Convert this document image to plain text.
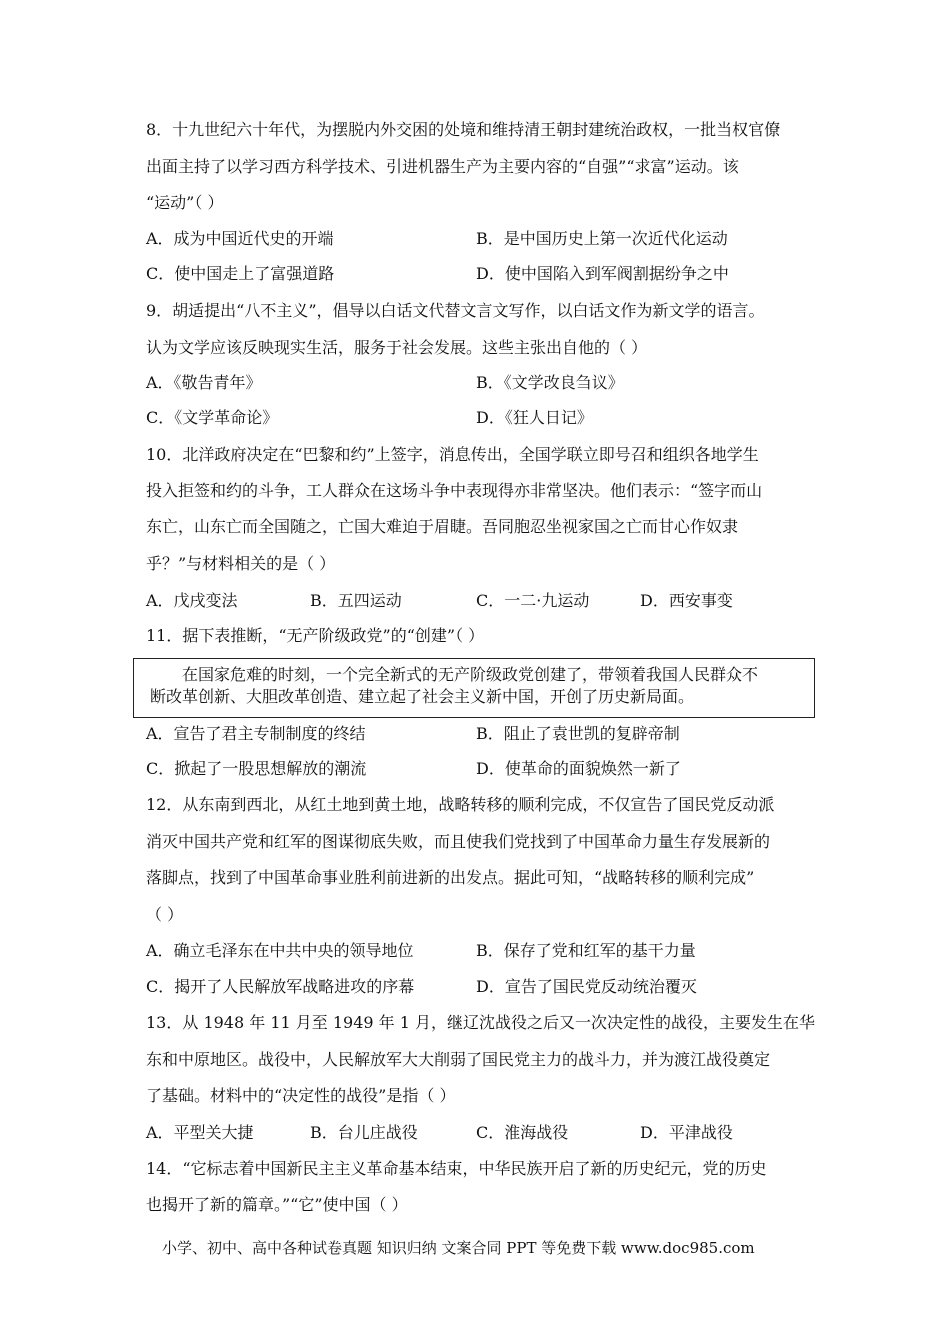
8．十九世纪六十年代，为摆脱内外交困的处境和维持清王朝封建统治政权，一批当权官僚
出面主持了以学习西方科学技术、引进机器生产为主要内容的“自强”“求富”运动。该
“运动”（ ）
A．成为中国近代史的开端	B．是中国历史上第一次近代化运动
C．使中国走上了富强道路	D．使中国陷入到军阀割据纷争之中
9．胡适提出“八不主义”，倡导以白话文代替文言文写作，以白话文作为新文学的语言。
认为文学应该反映现实生活，服务于社会发展。这些主张出自他的（ ）
A．《敬告青年》	B．《文学改良刍议》
C．《文学革命论》	D．《狂人日记》
10．北洋政府决定在“巴黎和约”上签字，消息传出，全国学联立即号召和组织各地学生
投入拒签和约的斗争，工人群众在这场斗争中表现得亦非常坚决。他们表示：“签字而山
东亡，山东亡而全国随之，亡国大难迫于眉睫。吾同胞忍坐视家国之亡而甘心作奴隶
乎？”与材料相关的是（ ）
A．戊戌变法	B．五四运动	C．一二·九运动	D．西安事变
11．据下表推断，“无产阶级政党”的“创建”（ ）
在国家危难的时刻，一个完全新式的无产阶级政党创建了，带领着我国人民群众不
断改革创新、大胆改革创造、建立起了社会主义新中国，开创了历史新局面。
A．宣告了君主专制制度的终结	B．阻止了袁世凯的复辟帝制
C．掀起了一股思想解放的潮流	D．使革命的面貌焕然一新了
12．从东南到西北，从红土地到黄土地，战略转移的顺利完成，不仅宣告了国民党反动派
消灭中国共产党和红军的图谋彻底失败，而且使我们党找到了中国革命力量生存发展新的
落脚点，找到了中国革命事业胜利前进新的出发点。据此可知，“战略转移的顺利完成”
（ ）
A．确立毛泽东在中共中央的领导地位	B．保存了党和红军的基干力量
C．揭开了人民解放军战略进攻的序幕	D．宣告了国民党反动统治覆灭
13．从 1948 年 11 月至 1949 年 1 月，继辽沈战役之后又一次决定性的战役，主要发生在华
东和中原地区。战役中，人民解放军大大削弱了国民党主力的战斗力，并为渡江战役奠定
了基础。材料中的“决定性的战役”是指（ ）
A．平型关大捷	B．台儿庄战役	C．淮海战役	D．平津战役
14．“它标志着中国新民主主义革命基本结束，中华民族开启了新的历史纪元，党的历史
也揭开了新的篇章。”“它”使中国（ ）
小学、初中、高中各种试卷真题 知识归纳 文案合同 PPT 等免费下载 www.doc985.com
